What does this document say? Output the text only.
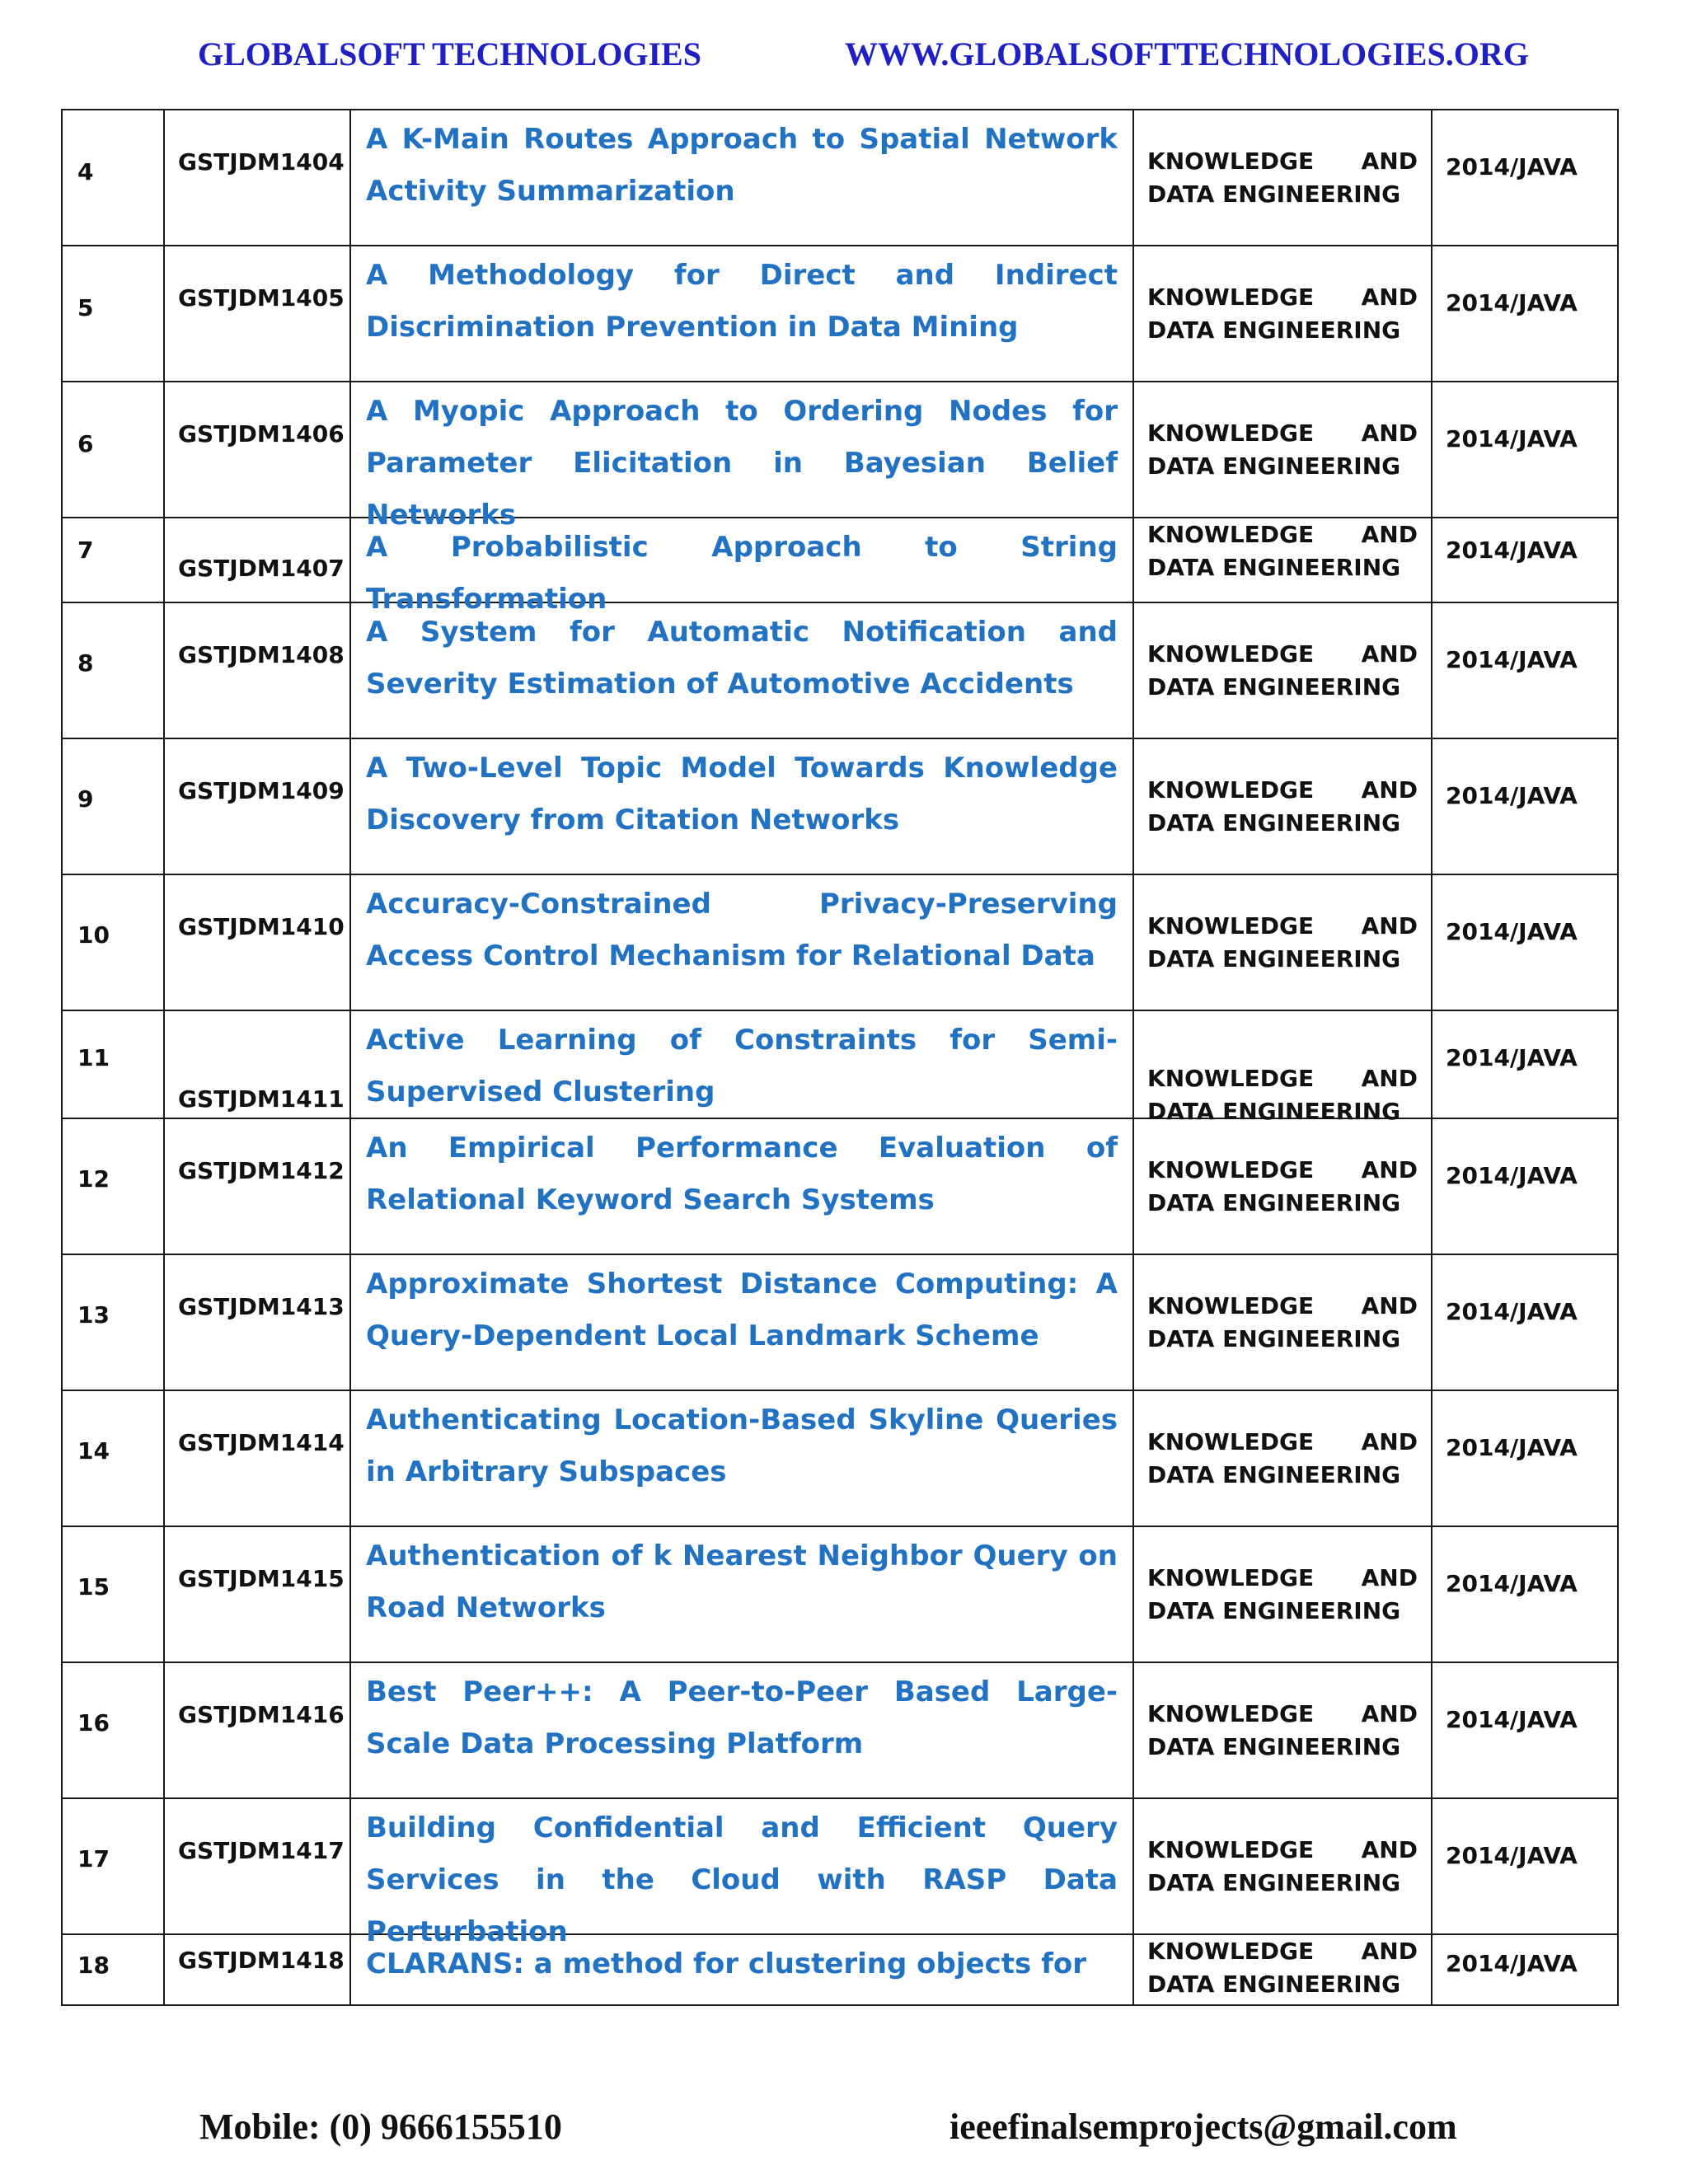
GLOBALSOFT TECHNOLOGIES	WWW.GLOBALSOFTTECHNOLOGIES.ORG
4	GSTJDM1404	A K-Main Routes Approach to Spatial Network Activity Summarization	KNOWLEDGE AND
DATA ENGINEERING	2014/JAVA

5	GSTJDM1405	A Methodology for Direct and Indirect Discrimination Prevention in Data Mining	KNOWLEDGE AND
DATA ENGINEERING	2014/JAVA

6	GSTJDM1406	A Myopic Approach to Ordering Nodes for Parameter Elicitation in Bayesian Belief Networks	KNOWLEDGE AND
DATA ENGINEERING	2014/JAVA

7	GSTJDM1407	A Probabilistic Approach to String Transformation	KNOWLEDGE AND
DATA ENGINEERING	2014/JAVA

8	GSTJDM1408	A System for Automatic Notification and Severity Estimation of Automotive Accidents	KNOWLEDGE AND
DATA ENGINEERING	2014/JAVA

9	GSTJDM1409	A Two-Level Topic Model Towards Knowledge Discovery from Citation Networks	KNOWLEDGE AND
DATA ENGINEERING	2014/JAVA

10	GSTJDM1410	Accuracy-Constrained Privacy-Preserving Access Control Mechanism for Relational Data	KNOWLEDGE AND
DATA ENGINEERING	2014/JAVA

11	GSTJDM1411	Active Learning of Constraints for Semi-Supervised Clustering	KNOWLEDGE AND
DATA ENGINEERING	2014/JAVA

12	GSTJDM1412	An Empirical Performance Evaluation of Relational Keyword Search Systems	KNOWLEDGE AND
DATA ENGINEERING	2014/JAVA

13	GSTJDM1413	Approximate Shortest Distance Computing: A Query-Dependent Local Landmark Scheme	KNOWLEDGE AND
DATA ENGINEERING	2014/JAVA

14	GSTJDM1414	Authenticating Location-Based Skyline Queries in Arbitrary Subspaces	KNOWLEDGE AND
DATA ENGINEERING	2014/JAVA

15	GSTJDM1415	Authentication of k Nearest Neighbor Query on Road Networks	KNOWLEDGE AND
DATA ENGINEERING	2014/JAVA

16	GSTJDM1416	Best Peer++: A Peer-to-Peer Based Large-Scale Data Processing Platform	KNOWLEDGE AND
DATA ENGINEERING	2014/JAVA

17	GSTJDM1417	Building Confidential and Efficient Query Services in the Cloud with RASP Data Perturbation	KNOWLEDGE AND
DATA ENGINEERING	2014/JAVA

18	GSTJDM1418	CLARANS: a method for clustering objects for	KNOWLEDGE AND
DATA ENGINEERING	2014/JAVA
Mobile: (0) 9666155510	ieeefinalsemprojects@gmail.com
